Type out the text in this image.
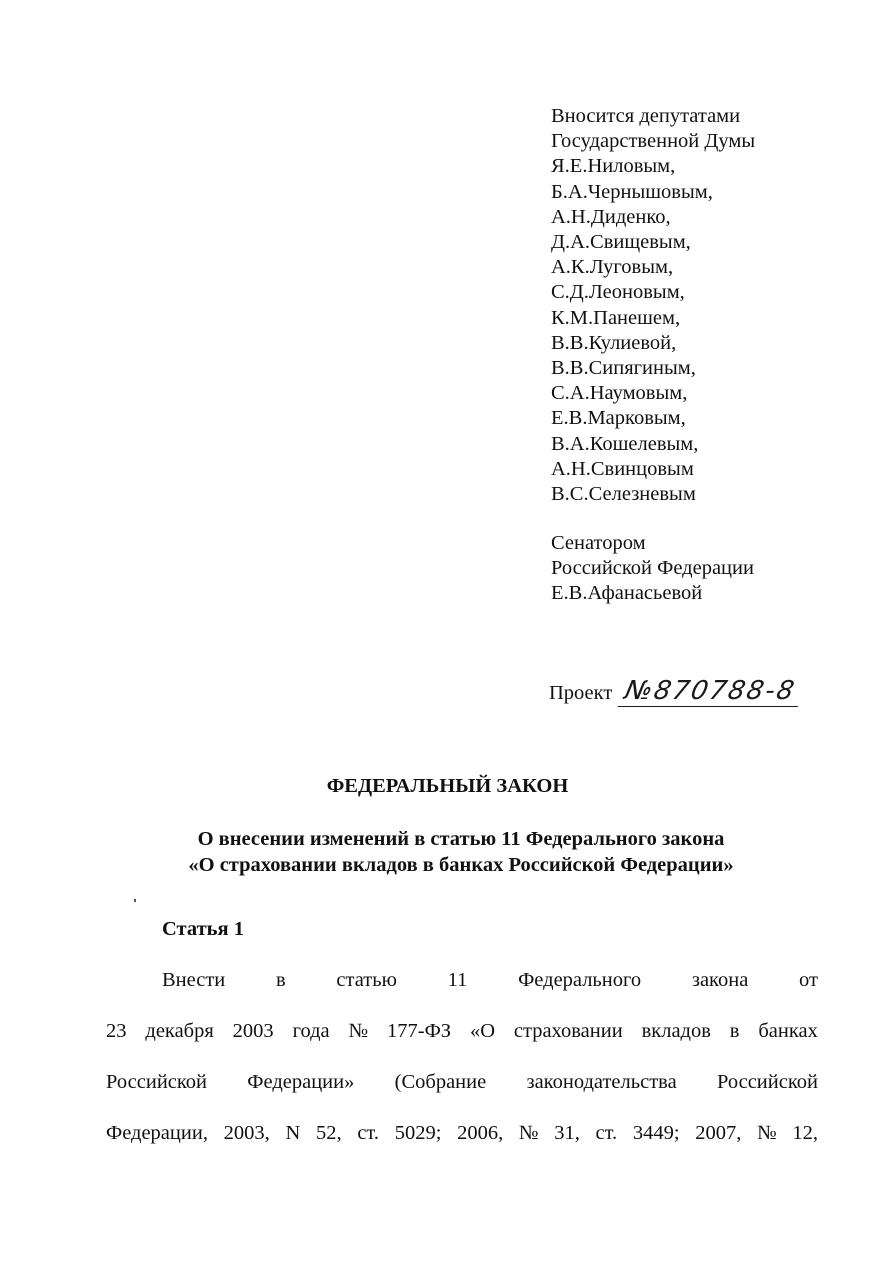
Вносится депутатами
Государственной Думы
Я.Е.Ниловым,
Б.А.Чернышовым,
А.Н.Диденко,
Д.А.Свищевым,
А.К.Луговым,
С.Д.Леоновым,
К.М.Панешем,
В.В.Кулиевой,
В.В.Сипягиным,
С.А.Наумовым,
Е.В.Марковым,
В.А.Кошелевым,
А.Н.Свинцовым
В.С.Селезневым
Сенатором
Российской Федерации
Е.В.Афанасьевой
Проект №870788-8
ФЕДЕРАЛЬНЫЙ ЗАКОН
О внесении изменений в статью 11 Федерального закона
«О страховании вкладов в банках Российской Федерации»
Статья 1
Внести в статью 11 Федерального закона от
23 декабря 2003 года № 177-ФЗ «О страховании вкладов в банках
Российской Федерации» (Собрание законодательства Российской
Федерации, 2003, N 52, ст. 5029; 2006, № 31, ст. 3449; 2007, № 12,
